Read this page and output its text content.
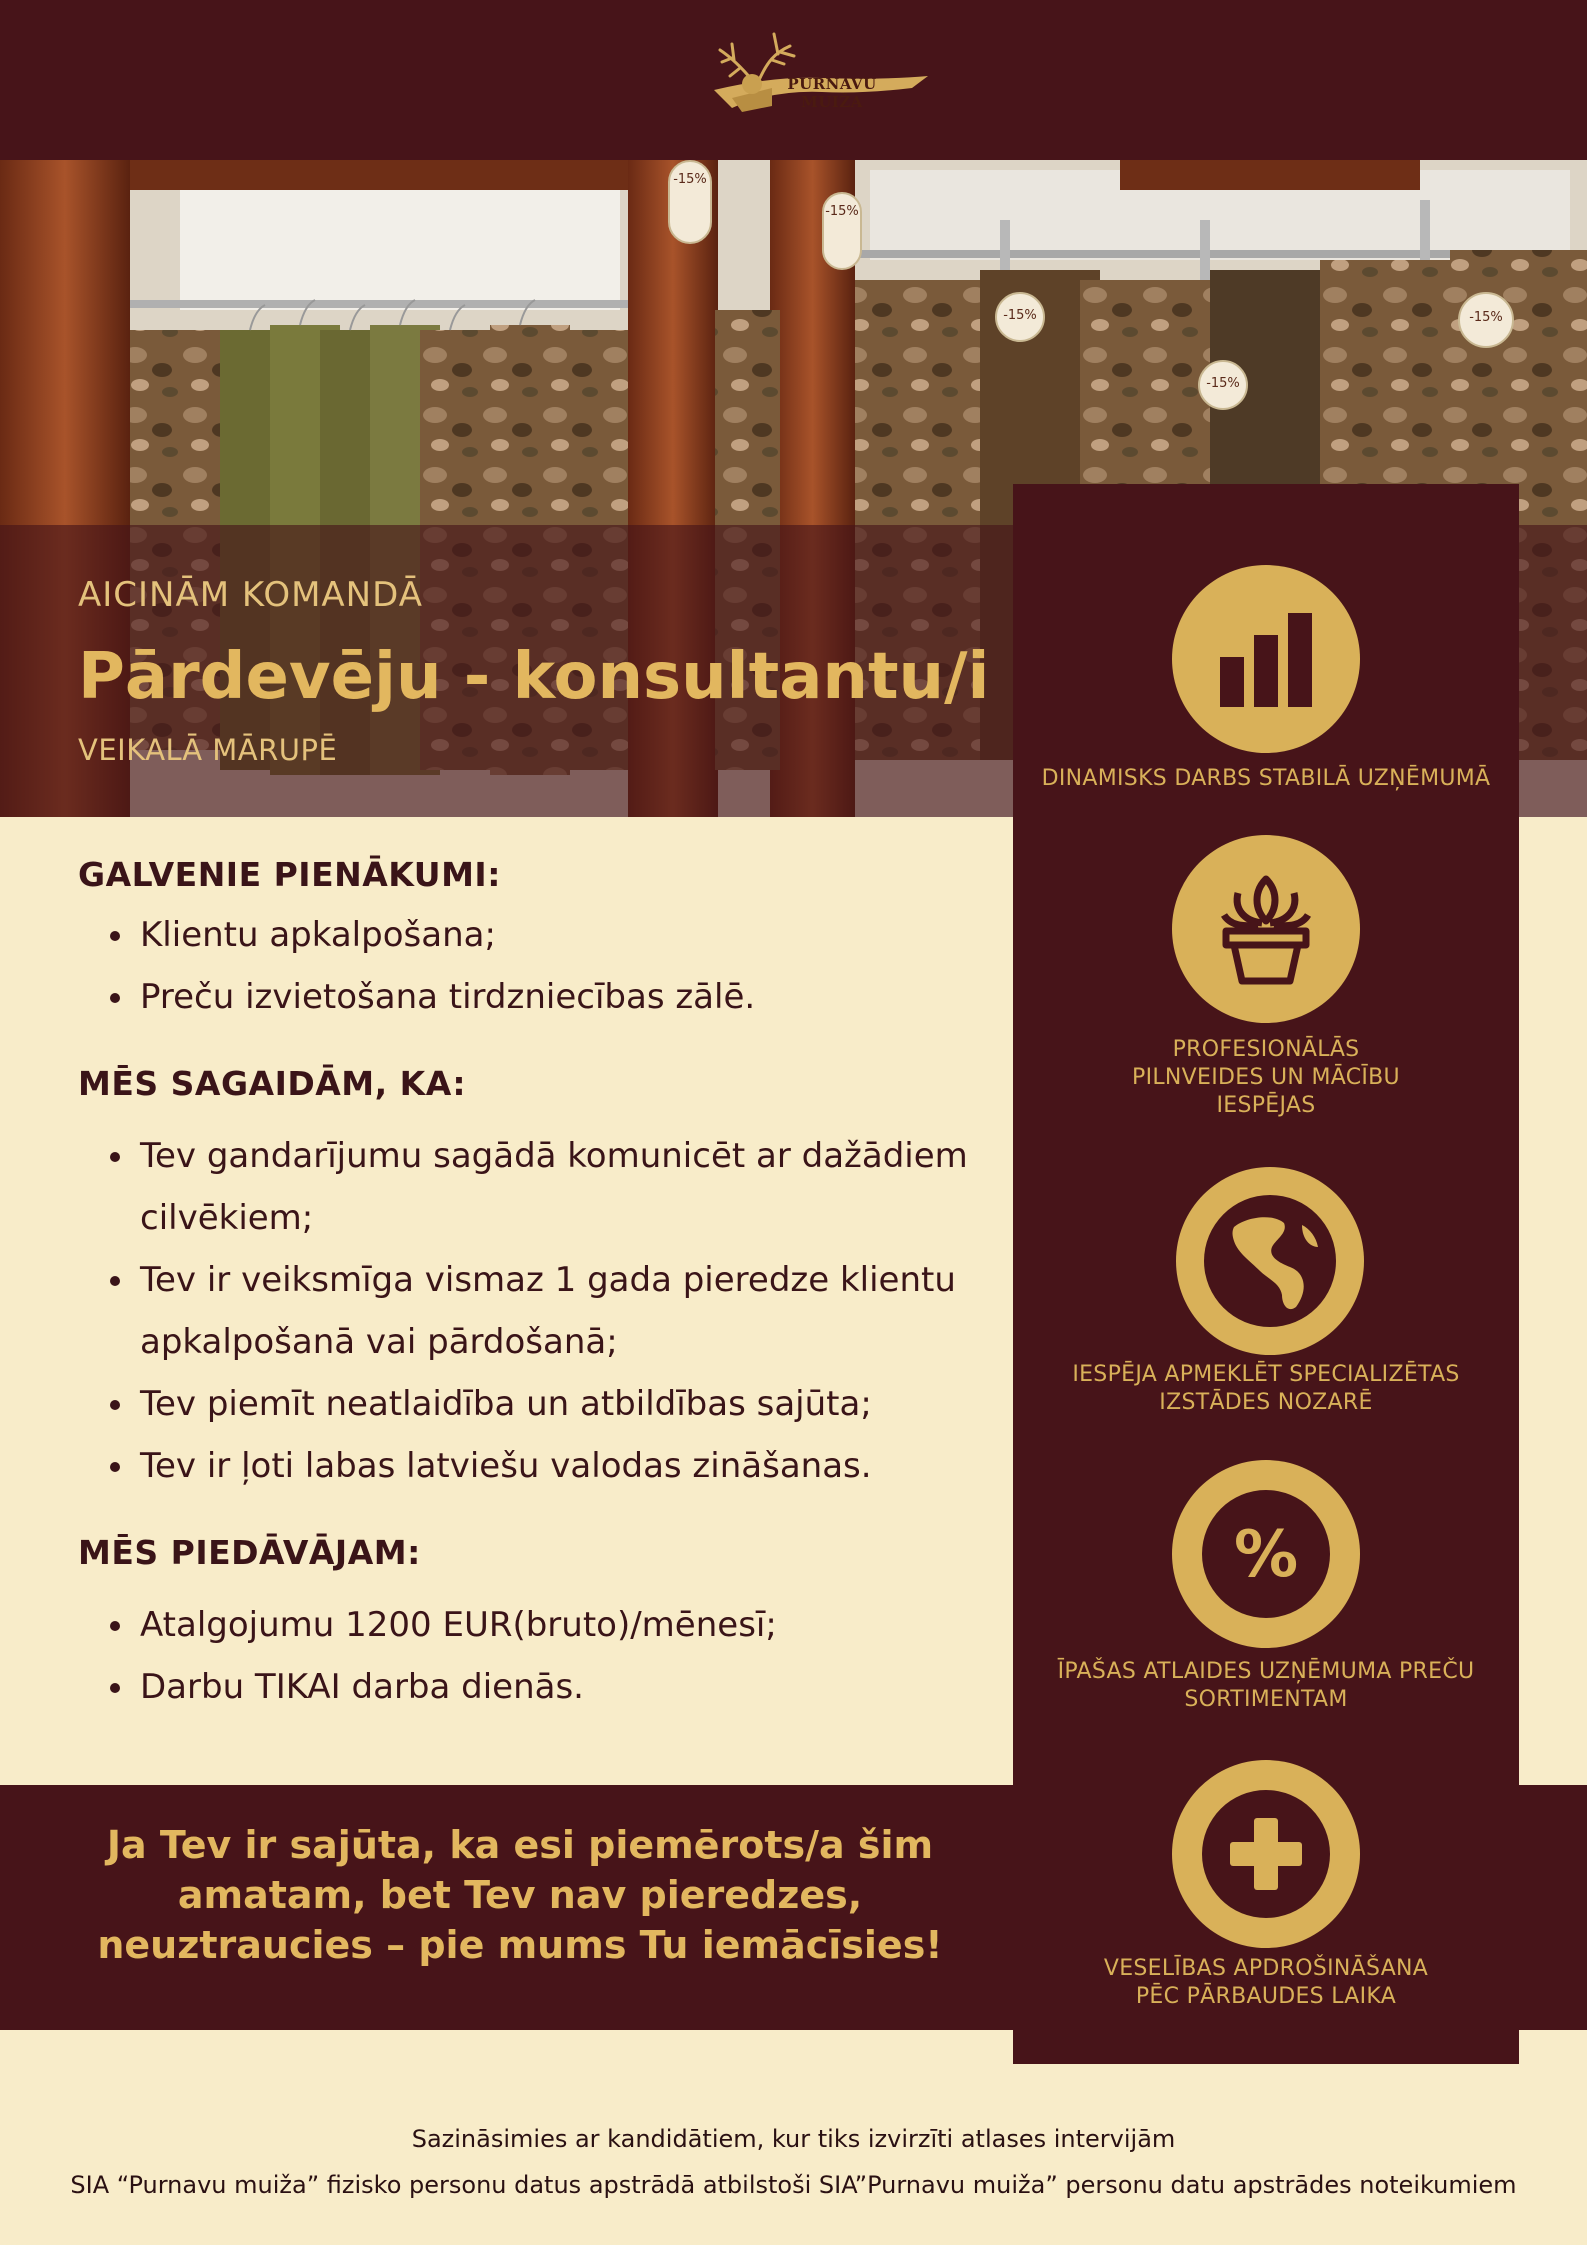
PURNAVU MUIŽA
-15%
-15%
-15%
-15%
-15%
AICINĀM KOMANDĀ
Pārdevēju - konsultantu/i
VEIKALĀ MĀRUPĒ
GALVENIE PIENĀKUMI:
Klientu apkalpošana;
Preču izvietošana tirdzniecības zālē.
MĒS SAGAIDĀM, KA:
Tev gandarījumu sagādā komunicēt ar dažādiem
cilvēkiem;
Tev ir veiksmīga vismaz 1 gada pieredze klientu
apkalpošanā vai pārdošanā;
Tev piemīt neatlaidība un atbildības sajūta;
Tev ir ļoti labas latviešu valodas zināšanas.
MĒS PIEDĀVĀJAM:
Atalgojumu 1200 EUR(bruto)/mēnesī;
Darbu TIKAI darba dienās.
Ja Tev ir sajūta, ka esi piemērots/a šim
amatam, bet Tev nav pieredzes,
neuztraucies – pie mums Tu iemācīsies!
DINAMISKS DARBS STABILĀ UZŅĒMUMĀ
PROFESIONĀLĀS
PILNVEIDES UN MĀCĪBU
IESPĒJAS
IESPĒJA APMEKLĒT SPECIALIZĒTAS
IZSTĀDES NOZARĒ
%
ĪPAŠAS ATLAIDES UZŅĒMUMA PREČU
SORTIMENTAM
VESELĪBAS APDROŠINĀŠANA
PĒC PĀRBAUDES LAIKA
Sazināsimies ar kandidātiem, kur tiks izvirzīti atlases intervijām
SIA “Purnavu muiža” fizisko personu datus apstrādā atbilstoši SIA”Purnavu muiža” personu datu apstrādes noteikumiem
